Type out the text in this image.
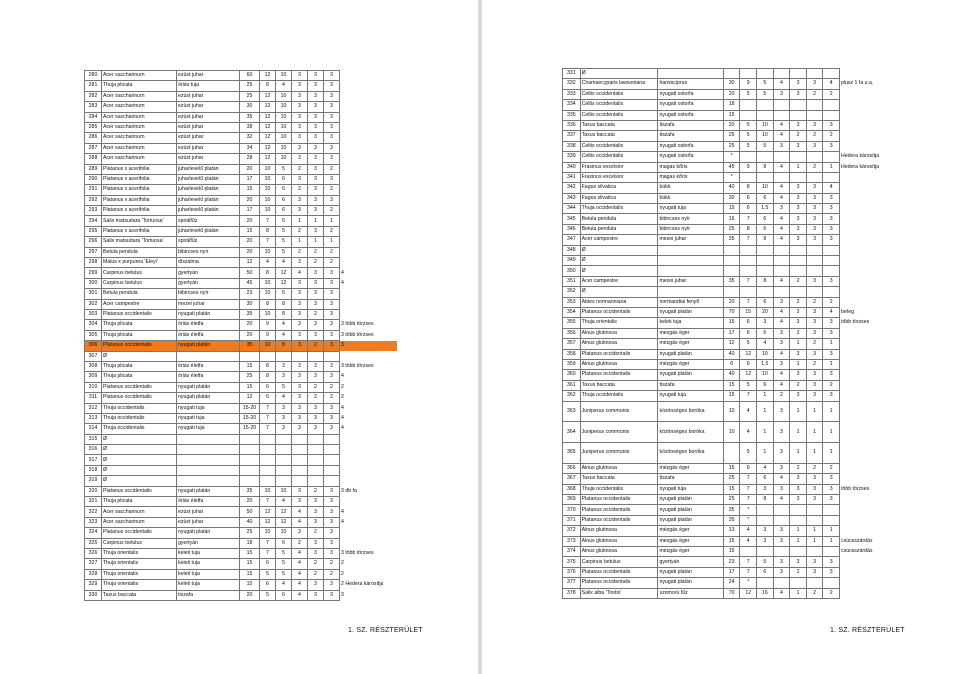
280	Acer saccharinum	ezüst juhar	60	12	10	3	3	3	
281	Thuja plicata	óriás tuja	25	8	4	3	3	3	
282	Acer saccharinum	ezüst juhar	25	12	10	3	3	3	
283	Acer saccharinum	ezüst juhar	30	12	10	3	3	3	
284	Acer saccharinum	ezüst juhar	35	12	10	3	3	3	
285	Acer saccharinum	ezüst juhar	38	12	10	3	3	3	
286	Acer saccharinum	ezüst juhar	32	12	10	3	3	3	
287	Acer saccharinum	ezüst juhar	34	12	10	3	3	3	
288	Acer saccharinum	ezüst juhar	28	12	10	3	3	3	
289	Platanus x acerifolia	juharlevelű platán	20	10	5	2	3	2	
290	Platanus x acerifolia	juharlevelű platán	17	10	6	3	3	3	
291	Platanus x acerifolia	juharlevelű platán	15	10	6	2	3	2	
292	Platanus x acerifolia	juharlevelű platán	20	10	6	3	3	3	
293	Platanus x acerifolia	juharlevelű platán	17	10	6	3	3	2	
294	Salix matsudara 'Tortuosa'	spirálfűz	20	7	5	1	1	1	
295	Platanus x acerifolia	juharlevelű platán	15	8	5	2	3	2	
296	Salix matsudara 'Tortuosa'	spirálfűz	20	7	5	1	1	1	
297	Betula pendula	bibircses nyír	20	10	5	2	2	2	
298	Malus x purpurea 'Eleyi'	díszalma	12	4	4	3	2	2	
299	Carpinus betulus	gyertyán	50	8	12	4	3	3	4
300	Carpinus betulus	gyertyán	45	10	12	3	3	3	4
301	Betula pendula	bibircses nyír	23	10	5	3	3	3	
302	Acer campestre	mezei juhar	30	8	8	3	3	3	
303	Platanus occidentalis	nyugati platán	35	10	8	3	2	3	
304	Thuja plicata	óriás életfa	20	9	4	3	3	3	3 több törzses
305	Thuja plicata	óriás életfa	20	9	4	3	3	3	3 több törzses
306	Platanus occidentalis	nyugati platán	35	10	8	3	2	3	3
307	Ø								
308	Thuja plicata	óriás életfa	15	8	3	3	3	3	3 több törzses
309	Thuja plicata	óriás életfa	25	8	3	3	3	3	4
310	Platanus occidentalis	nyugati platán	15	6	5	3	2	2	2
311	Platanus occidentalis	nyugati platán	12	6	4	3	2	2	2
312	Thuja occidentalis	nyugati tuja	15-20	7	3	3	3	3	4
313	Thuja occidentalis	nyugati tuja	15-20	7	3	3	3	3	4
314	Thuja occidentalis	nyugati tuja	15-20	7	3	3	3	3	4
315	Ø								
316	Ø								
317	Ø								
318	Ø								
319	Ø								
320	Platanus occidentalis	nyugati platán	35	10	10	3	2	3	3 db fa
321	Thuja plicata	óriás életfa	20	7	4	3	3	3	
322	Acer saccharinum	ezüst juhar	50	12	12	4	3	3	4
323	Acer saccharinum	ezüst juhar	40	12	12	4	3	3	4
324	Platanus occidentalis	nyugati platán	25	10	10	3	2	3	
325	Carpinus betulus	gyertyán	18	7	6	2	3	3	
326	Thuja orientalis	keleti tuja	15	7	5	4	3	3	3 több törzses
327	Thuja orientalis	keleti tuja	15	6	5	4	2	2	2
328	Thuja orientalis	keleti tuja	15	5	5	4	2	2	2
329	Thuja orientalis	keleti tuja	15	6	4	4	3	3	2 Hedera károsítja
330	Taxus baccata	tiszafa	20	5	6	4	3	3	3
1. SZ. RÉSZTERÜLET
331	Ø									
332	Chamaecyparis lawsoniana	hamisciprus	30	9	5	4	3	3	4	plusz 1 fa u.a.
333	Celtis occidentalis	nyugati ostorfa	20	5	5	3	3	2	2	
334	Celtis occidentalis	nyugati ostorfa	18							
335	Celtis occidentalis	nyugati ostorfa	15							
336	Taxus baccata	tiszafa	20	5	10	4	3	3	3	
337	Taxus baccata	tiszafa	25	5	10	4	2	2	2	
338	Celtis occidentalis	nyugati ostorfa	25	5	5	3	3	3	3	
339	Celtis occidentalis	nyugati ostorfa	*							Hedera károsítja
340	Fraxinus excelsior	magas kőris	45	9	8	4	1	2	1	Hedera károsítja
341	Fraxinus excelsior	magas kőris	*							
342	Fagus silvatica	bükk	40	8	10	4	3	3	4	
343	Fagus silvatica	bükk	30	6	6	4	3	3	3	
344	Thuja occidentalis	nyugati tuja	15	6	1,5	3	3	3	3	
345	Betula pendula	bibircses nyír	16	7	6	4	3	3	3	
346	Betula pendula	bibircses nyír	25	8	6	4	3	3	3	
347	Acer campestre	mezei juhar	35	7	8	4	3	3	3	
348	Ø									
349	Ø									
350	Ø									
351	Acer campestre	mezei juhar	35	7	8	4	2	3	3	
352	Ø									
353	Abies normanniana	normandiai fenyő	20	7	6	3	2	2	2	
354	Platanus occidentalis	nyugati platán	70	15	20	4	2	3	4	beteg
355	Thuja orientalis	keleti tuja	15	6	3	4	3	3	3	több törzses
356	Alnus glutinosa	mézgás éger	17	6	6	3	2	3	3	
357	Alnus glutinosa	mézgás éger	12	5	4	3	1	2	1	
358	Platanus occidentalis	nyugati platán	40	12	10	4	3	3	3	
359	Alnus glutinosa	mézgás éger	6	6	1,5	3	1	2	1	
360	Platanus occidentalis	nyugati platán	40	12	10	4	3	3	3	
361	Taxus baccata	tiszafa	15	5	6	4	2	3	2	
362	Thuja occidentalis	nyugati tuja	15	7	1	2	3	3	3	
363	Juniperus communis	közönséges boróka	10	4	1	3	1	1	1	
364	Juniperus communis	közönséges boróka	10	4	1	3	1	1	1	
365	Juniperus communis	közönséges boróka		5	1	3	1	1	1	
366	Alnus glutinosa	mézgás éger	15	6	4	3	2	2	2	
367	Taxus baccata	tiszafa	25	7	6	4	3	3	3	
368	Thuja occidentalis	nyugati tuja	15	7	3	3	3	3	3	több törzses
369	Platanus occidentalis	nyugati platán	25	7	8	4	3	3	3	
370	Platanus occidentalis	nyugati platán	35	*						
371	Platanus occidentalis	nyugati platán	35	*						
372	Alnus glutinosa	mézgás éger	13	4	3	3	1	1	1	
373	Alnus glutinosa	mézgás éger	15	4	3	3	1	1	1	csúcsszárdás
374	Alnus glutinosa	mézgás éger	15							csúcsszárdás
375	Carpinus betulus	gyertyán	23	7	5	3	3	3	3	
376	Platanus occidentalis	nyugati platán	17	7	6	3	2	3	3	
377	Platanus occidentalis	nyugati platán	24	*						
378	Salix alba 'Tristis'	szomorú fűz	70	12	16	4	1	2	2	
1. SZ. RÉSZTERÜLET
